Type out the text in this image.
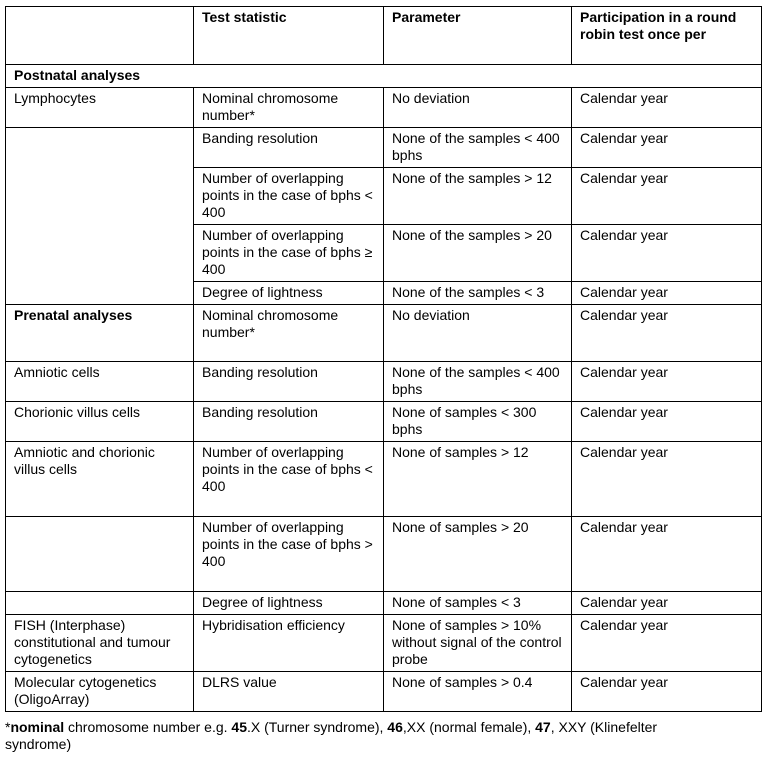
	Test statistic	Parameter	Participation in a round robin test once per
Postnatal analyses			
Lymphocytes	Nominal chromosome number*	No deviation	Calendar year
	Banding resolution	None of the samples < 400 bphs	Calendar year
	Number of overlapping points in the case of bphs < 400	None of the samples > 12	Calendar year
	Number of overlapping points in the case of bphs ≥ 400	None of the samples > 20	Calendar year
	Degree of lightness	None of the samples < 3	Calendar year
Prenatal analyses	Nominal chromosome number*	No deviation	Calendar year
Amniotic cells	Banding resolution	None of the samples < 400 bphs	Calendar year
Chorionic villus cells	Banding resolution	None of samples < 300 bphs	Calendar year
Amniotic and chorionic villus cells	Number of overlapping points in the case of bphs < 400	None of samples > 12	Calendar year
	Number of overlapping points in the case of bphs > 400	None of samples > 20	Calendar year
	Degree of lightness	None of samples < 3	Calendar year
FISH (Interphase) constitutional and tumour cytogenetics	Hybridisation efficiency	None of samples > 10% without signal of the control probe	Calendar year
Molecular cytogenetics (OligoArray)	DLRS value	None of samples > 0.4	Calendar year
*nominal chromosome number e.g. 45.X (Turner syndrome), 46,XX (normal female), 47, XXY (Klinefelter syndrome)
